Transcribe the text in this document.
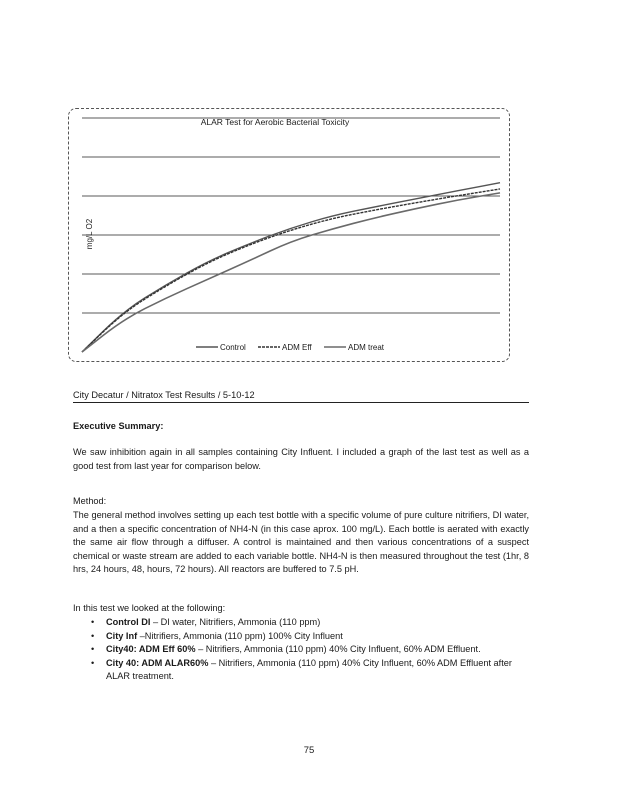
ALAR Test for Aerobic Bacterial Toxicity
mg/L O2
Control	ADM Eff	ADM treat
City Decatur / Nitratox Test Results / 5-10-12
Executive Summary:
We saw inhibition again in all samples containing City Influent. I included a graph of the last test as well as a good test from last year for comparison below.
Method:
The general method involves setting up each test bottle with a specific volume of pure culture nitrifiers, DI water, and a then a specific concentration of NH4-N (in this case aprox. 100 mg/L). Each bottle is aerated with exactly the same air flow through a diffuser. A control is maintained and then various concentrations of a suspect chemical or waste stream are added to each variable bottle. NH4-N is then measured throughout the test (1hr, 8 hrs, 24 hours, 48, hours, 72 hours). All reactors are buffered to 7.5 pH.
In this test we looked at the following:
• Control DI – DI water, Nitrifiers, Ammonia (110 ppm)
• City Inf –Nitrifiers, Ammonia (110 ppm) 100% City Influent
• City40: ADM Eff 60% – Nitrifiers, Ammonia (110 ppm) 40% City Influent, 60% ADM Effluent.
• City 40: ADM ALAR60% – Nitrifiers, Ammonia (110 ppm) 40% City Influent, 60% ADM Effluent after ALAR treatment.
75
